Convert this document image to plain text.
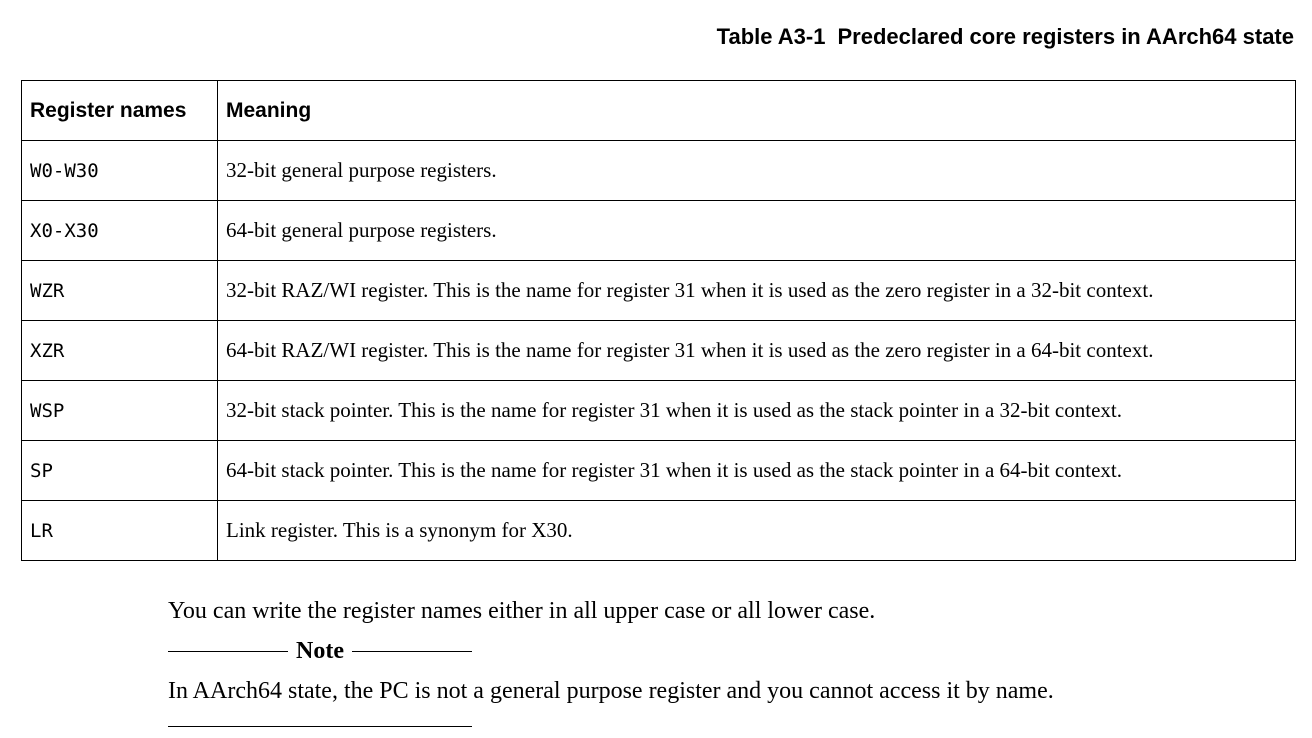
Table A3-1 Predeclared core registers in AArch64 state
Register names	Meaning
W0-W30	32-bit general purpose registers.
X0-X30	64-bit general purpose registers.
WZR	32-bit RAZ/WI register. This is the name for register 31 when it is used as the zero register in a 32-bit context.
XZR	64-bit RAZ/WI register. This is the name for register 31 when it is used as the zero register in a 64-bit context.
WSP	32-bit stack pointer. This is the name for register 31 when it is used as the stack pointer in a 32-bit context.
SP	64-bit stack pointer. This is the name for register 31 when it is used as the stack pointer in a 64-bit context.
LR	Link register. This is a synonym for X30.
You can write the register names either in all upper case or all lower case.
Note
In AArch64 state, the PC is not a general purpose register and you cannot access it by name.
